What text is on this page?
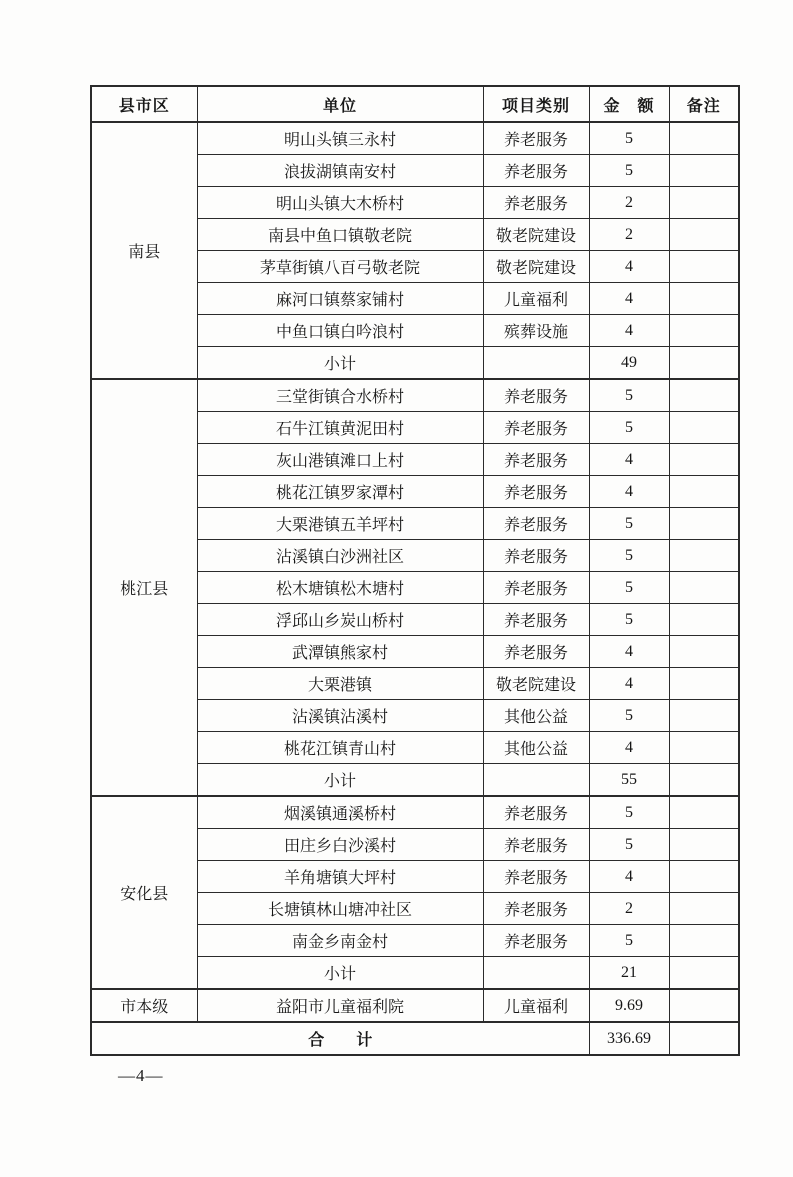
县市区	单位	项目类别	金　额	备注
南县	明山头镇三永村	养老服务	5	
	浪拔湖镇南安村	养老服务	5	
	明山头镇大木桥村	养老服务	2	
	南县中鱼口镇敬老院	敬老院建设	2	
	茅草街镇八百弓敬老院	敬老院建设	4	
	麻河口镇蔡家铺村	儿童福利	4	
	中鱼口镇白吟浪村	殡葬设施	4	
	小计		49	
桃江县	三堂街镇合水桥村	养老服务	5	
	石牛江镇黄泥田村	养老服务	5	
	灰山港镇滩口上村	养老服务	4	
	桃花江镇罗家潭村	养老服务	4	
	大栗港镇五羊坪村	养老服务	5	
	沾溪镇白沙洲社区	养老服务	5	
	松木塘镇松木塘村	养老服务	5	
	浮邱山乡炭山桥村	养老服务	5	
	武潭镇熊家村	养老服务	4	
	大栗港镇	敬老院建设	4	
	沾溪镇沾溪村	其他公益	5	
	桃花江镇青山村	其他公益	4	
	小计		55	
安化县	烟溪镇通溪桥村	养老服务	5	
	田庄乡白沙溪村	养老服务	5	
	羊角塘镇大坪村	养老服务	4	
	长塘镇林山塘冲社区	养老服务	2	
	南金乡南金村	养老服务	5	
	小计		21	
市本级	益阳市儿童福利院	儿童福利	9.69	
合　　计			336.69	
—4—
